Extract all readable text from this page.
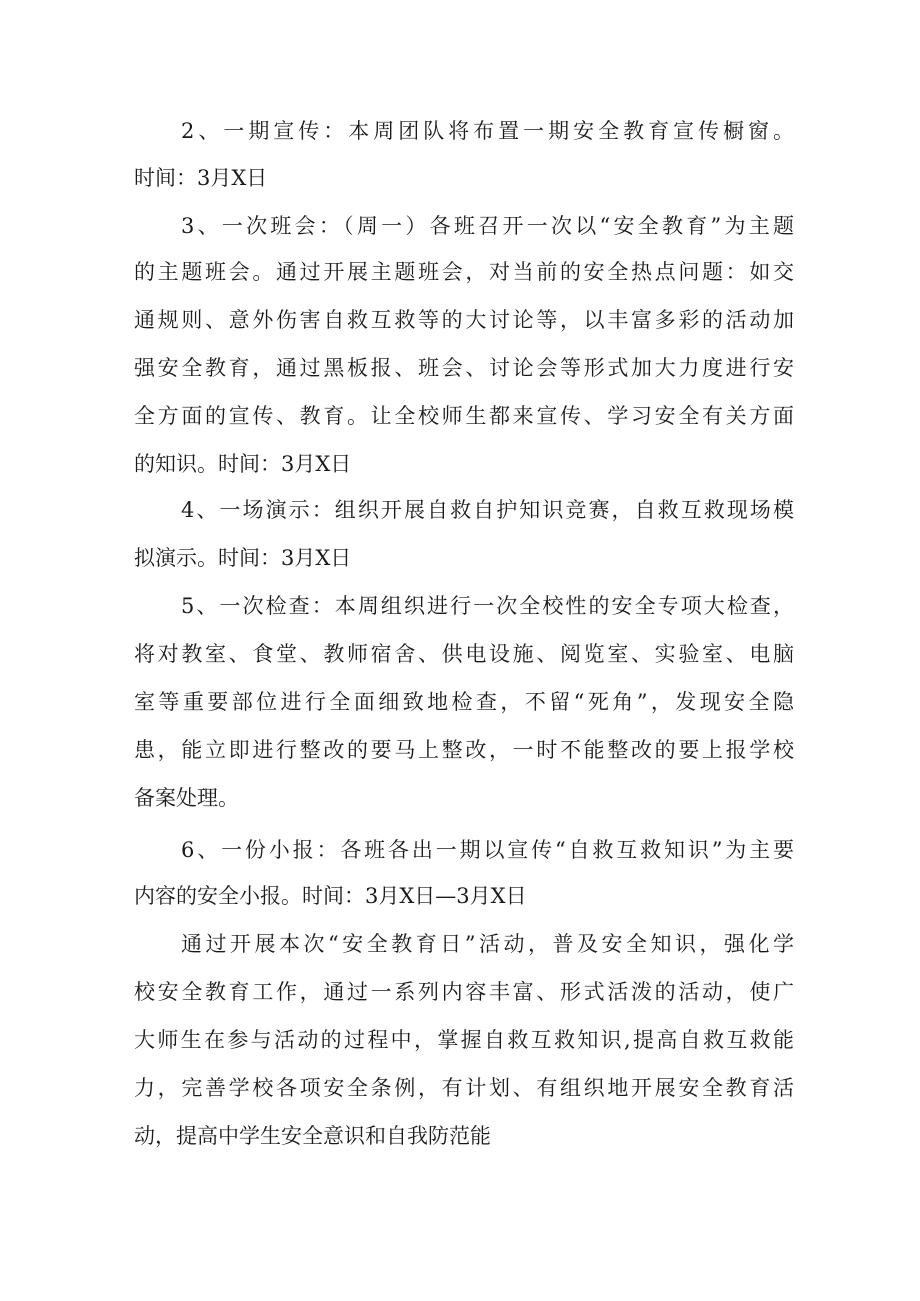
2、一期宣传：本周团队将布置一期安全教育宣传橱窗。
时间：3月X日
3、一次班会：（周一）各班召开一次以“安全教育”为主题
的主题班会。通过开展主题班会，对当前的安全热点问题：如交
通规则、意外伤害自救互救等的大讨论等，以丰富多彩的活动加
强安全教育，通过黑板报、班会、讨论会等形式加大力度进行安
全方面的宣传、教育。让全校师生都来宣传、学习安全有关方面
的知识。时间：3月X日
4、一场演示：组织开展自救自护知识竞赛，自救互救现场模
拟演示。时间：3月X日
5、一次检查：本周组织进行一次全校性的安全专项大检查，
将对教室、食堂、教师宿舍、供电设施、阅览室、实验室、电脑
室等重要部位进行全面细致地检查，不留“死角”，发现安全隐
患，能立即进行整改的要马上整改，一时不能整改的要上报学校
备案处理。
6、一份小报：各班各出一期以宣传“自救互救知识”为主要
内容的安全小报。时间：3月X日—3月X日
通过开展本次“安全教育日”活动，普及安全知识，强化学
校安全教育工作，通过一系列内容丰富、形式活泼的活动，使广
大师生在参与活动的过程中，掌握自救互救知识,提高自救互救能
力，完善学校各项安全条例，有计划、有组织地开展安全教育活
动，提高中学生安全意识和自我防范能
